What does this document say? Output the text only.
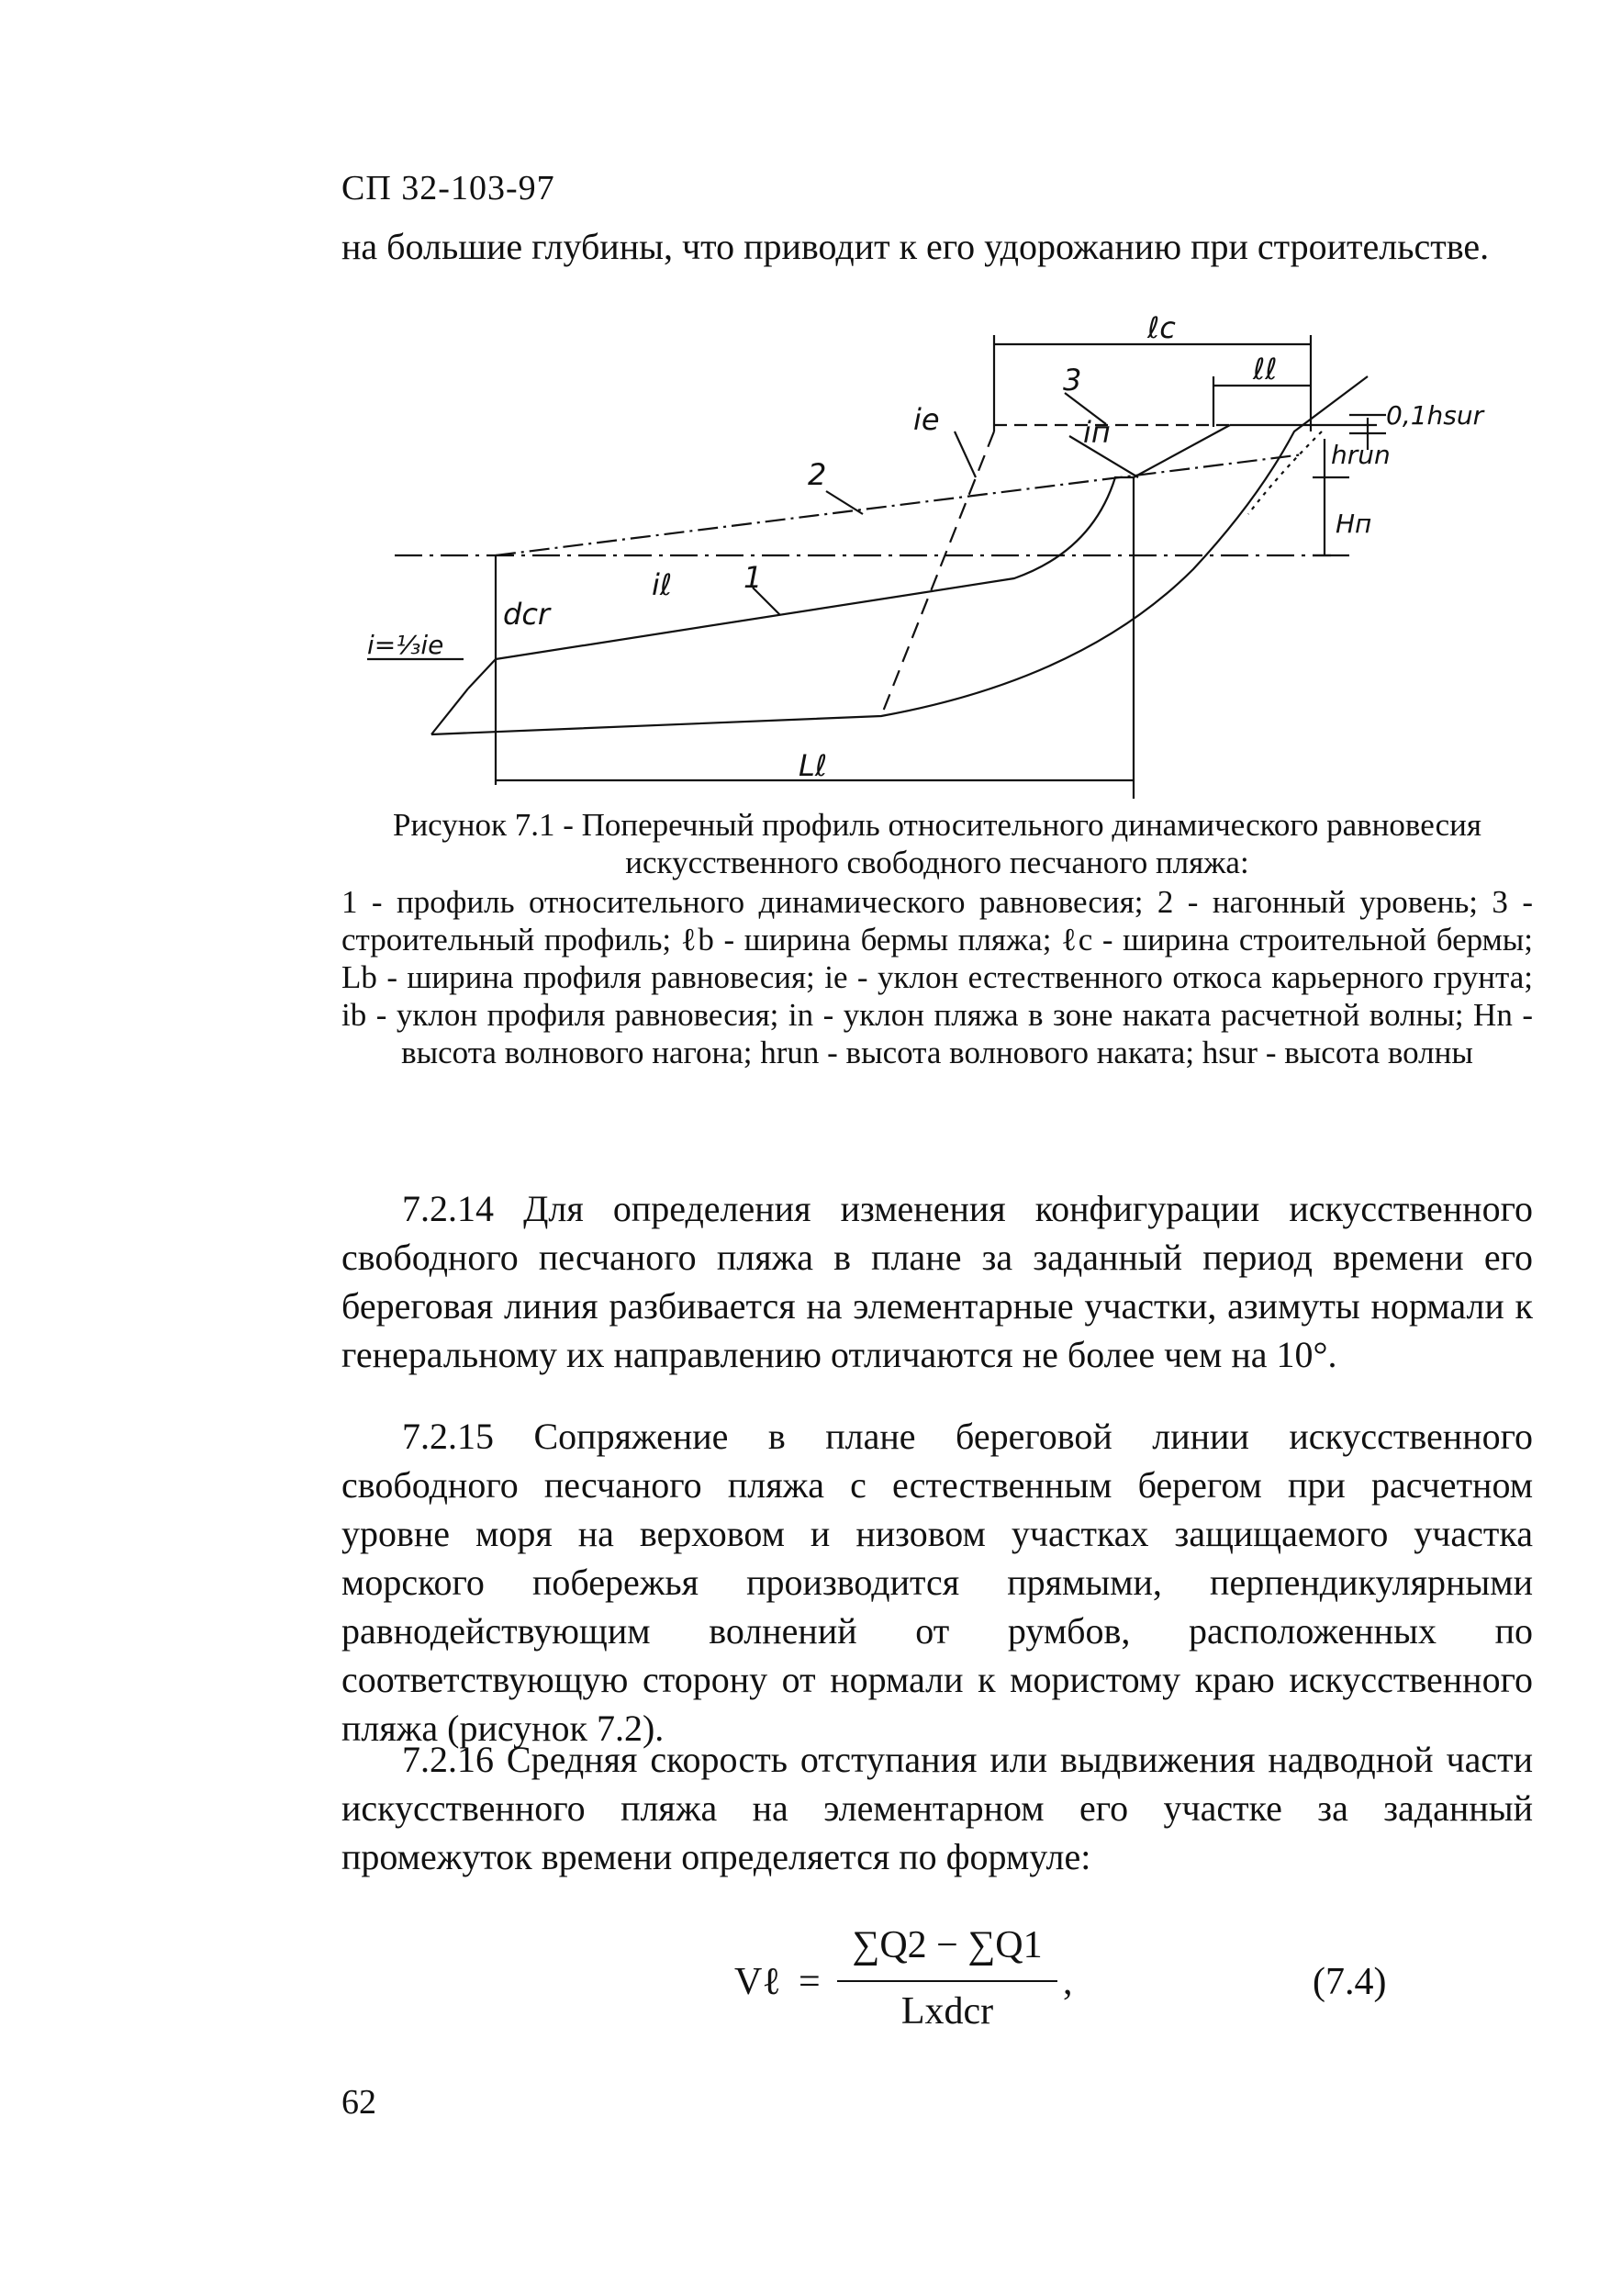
СП 32-103-97
на большие глубины, что приводит к его удорожанию при строительстве.
ℓc
ℓℓ
3
iе	iп	0,1hsur
hrun
Hп
2
dcr
iℓ 1
i=⅓iе
Lℓ
Рисунок 7.1 - Поперечный профиль относительного динамического равновесия искусственного свободного песчаного пляжа:
1 - профиль относительного динамического равновесия; 2 - нагонный уровень; 3 - строительный профиль; ℓb - ширина бермы пляжа; ℓc - ширина строительной бермы; Lb - ширина профиля равновесия; ie - уклон естественного откоса карьерного грунта; ib - уклон профиля равновесия; in - уклон пляжа в зоне наката расчетной волны; Hn - высота волнового нагона; hrun - высота волнового наката; hsur - высота волны
7.2.14 Для определения изменения конфигурации искусственного свободного песчаного пляжа в плане за заданный период времени его береговая линия разбивается на элементарные участки, азимуты нормали к генеральному их направлению отличаются не более чем на 10°.
7.2.15 Сопряжение в плане береговой линии искусственного свободного песчаного пляжа с естественным берегом при расчетном уровне моря на верховом и низовом участках защищаемого участка морского побережья производится прямыми, перпендикулярными равнодействующим волнений от румбов, расположенных по соответствующую сторону от нормали к мористому краю искусственного пляжа (рисунок 7.2).
7.2.16 Средняя скорость отступания или выдвижения надводной части искусственного пляжа на элементарном его участке за заданный промежуток времени определяется по формуле:
Vℓ =
∑Q2 − ∑Q1
Lxdcr
,	(7.4)
62
